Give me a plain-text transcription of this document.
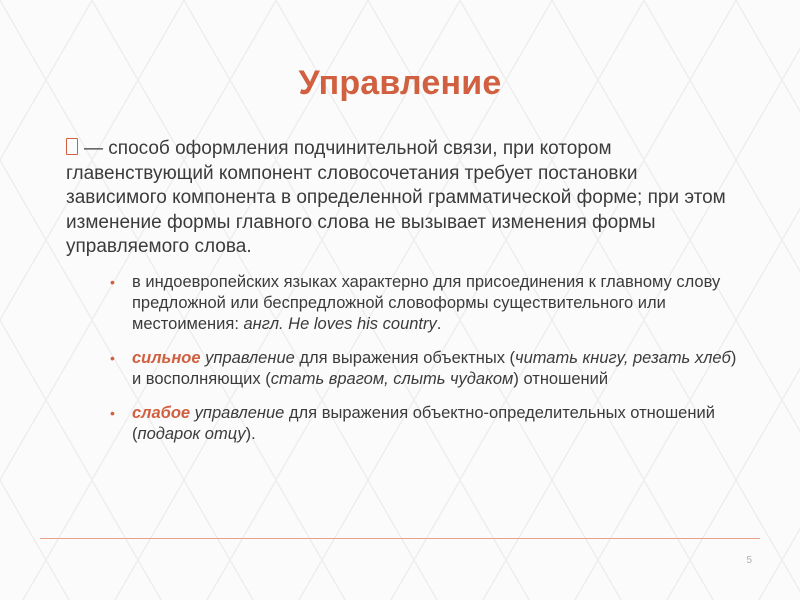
Управление
— способ оформления подчинительной связи, при котором главенствующий компонент словосочетания требует постановки зависимого компонента в определенной грамматической форме; при этом изменение формы главного слова не вызывает изменения формы управляемого слова.
• в индоевропейских языках характерно для присоединения к главному слову предложной или беспредложной словоформы существительного или местоимения: англ. He loves his country.
• сильное управление для выражения объектных (читать книгу, резать хлеб) и восполняющих (стать врагом, слыть чудаком) отношений
• слабое управление для выражения объектно-определительных отношений (подарок отцу).
5
